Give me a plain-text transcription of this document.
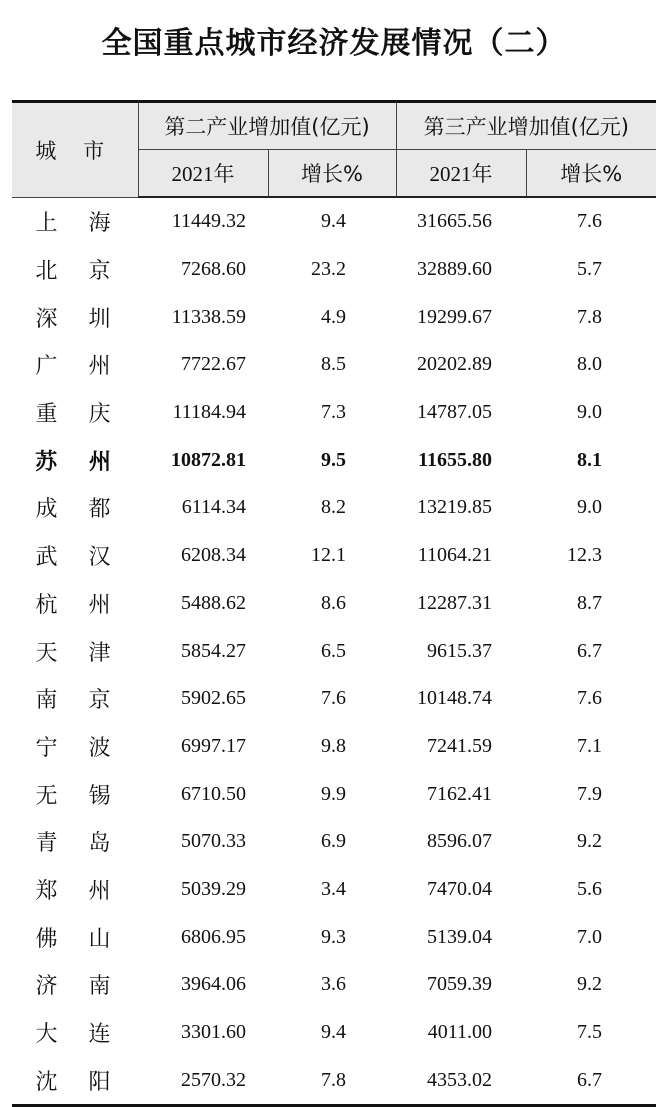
全国重点城市经济发展情况（二）
城 市	第二产业增加值(亿元)		第三产业增加值(亿元)	
	2021年	增长%	2021年	增长%
上 海	11449.32	9.4	31665.56	7.6
北 京	7268.60	23.2	32889.60	5.7
深 圳	11338.59	4.9	19299.67	7.8
广 州	7722.67	8.5	20202.89	8.0
重 庆	11184.94	7.3	14787.05	9.0
苏 州	10872.81	9.5	11655.80	8.1
成 都	6114.34	8.2	13219.85	9.0
武 汉	6208.34	12.1	11064.21	12.3
杭 州	5488.62	8.6	12287.31	8.7
天 津	5854.27	6.5	9615.37	6.7
南 京	5902.65	7.6	10148.74	7.6
宁 波	6997.17	9.8	7241.59	7.1
无 锡	6710.50	9.9	7162.41	7.9
青 岛	5070.33	6.9	8596.07	9.2
郑 州	5039.29	3.4	7470.04	5.6
佛 山	6806.95	9.3	5139.04	7.0
济 南	3964.06	3.6	7059.39	9.2
大 连	3301.60	9.4	4011.00	7.5
沈 阳	2570.32	7.8	4353.02	6.7
